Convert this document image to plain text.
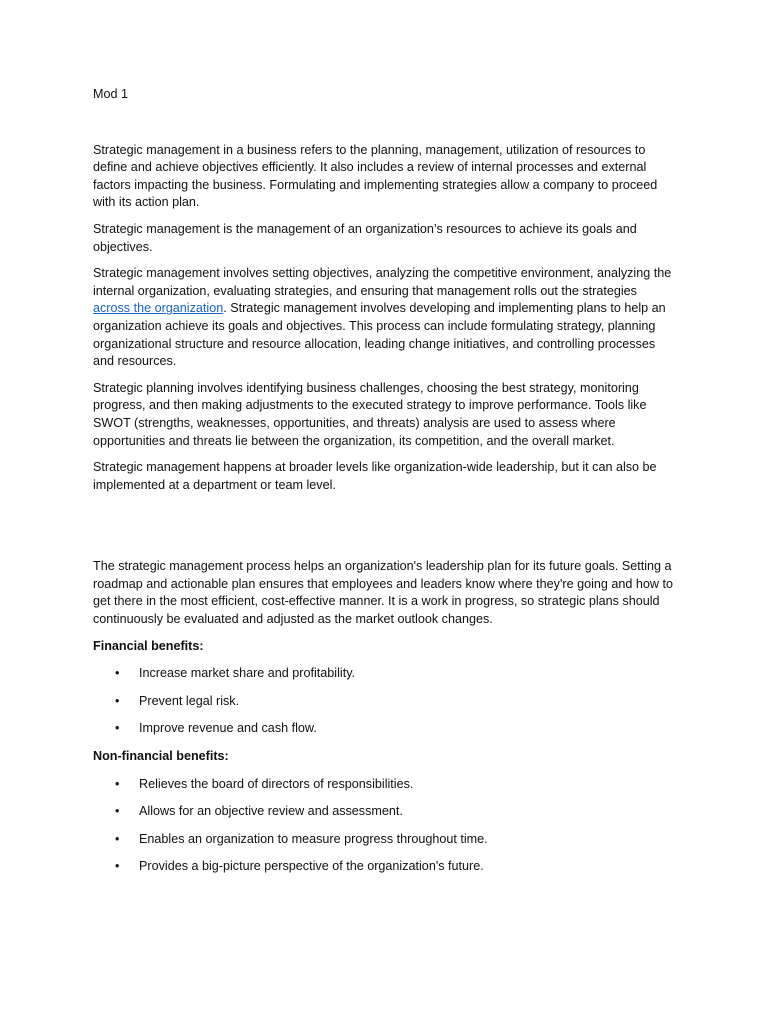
Mod 1

Strategic management in a business refers to the planning, management, utilization of resources to define and achieve objectives efficiently. It also includes a review of internal processes and external factors impacting the business. Formulating and implementing strategies allow a company to proceed with its action plan.

Strategic management is the management of an organization’s resources to achieve its goals and objectives.

Strategic management involves setting objectives, analyzing the competitive environment, analyzing the internal organization, evaluating strategies, and ensuring that management rolls out the strategies across the organization. Strategic management involves developing and implementing plans to help an organization achieve its goals and objectives. This process can include formulating strategy, planning organizational structure and resource allocation, leading change initiatives, and controlling processes and resources.

Strategic planning involves identifying business challenges, choosing the best strategy, monitoring progress, and then making adjustments to the executed strategy to improve performance. Tools like SWOT (strengths, weaknesses, opportunities, and threats) analysis are used to assess where opportunities and threats lie between the organization, its competition, and the overall market.

Strategic management happens at broader levels like organization-wide leadership, but it can also be implemented at a department or team level.

The strategic management process helps an organization's leadership plan for its future goals. Setting a roadmap and actionable plan ensures that employees and leaders know where they're going and how to get there in the most efficient, cost-effective manner. It is a work in progress, so strategic plans should continuously be evaluated and adjusted as the market outlook changes.

Financial benefits:
• Increase market share and profitability.
• Prevent legal risk.
• Improve revenue and cash flow.
Non-financial benefits:
• Relieves the board of directors of responsibilities.
• Allows for an objective review and assessment.
• Enables an organization to measure progress throughout time.
• Provides a big-picture perspective of the organization's future.
